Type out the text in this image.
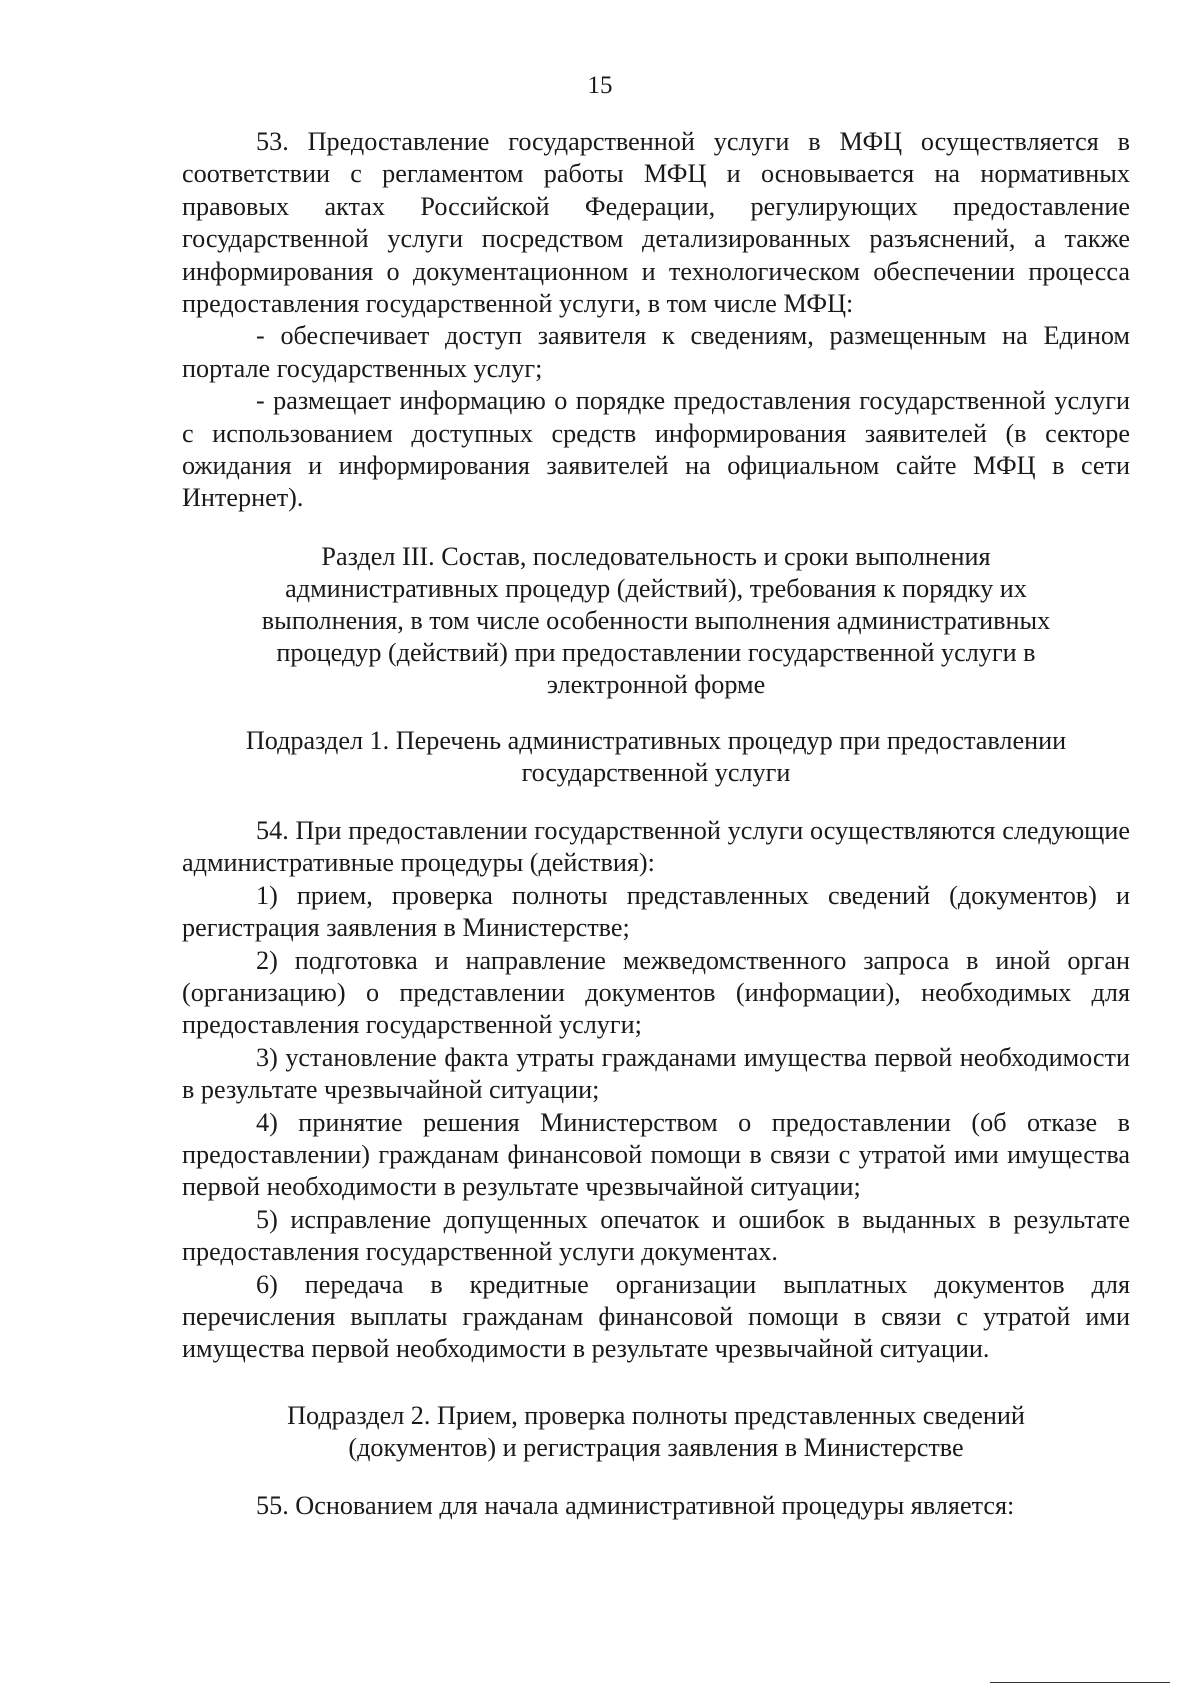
15

53. Предоставление государственной услуги в МФЦ осуществляется в соответствии с регламентом работы МФЦ и основывается на нормативных правовых актах Российской Федерации, регулирующих предоставление государственной услуги посредством детализированных разъяснений, а также информирования о документационном и технологическом обеспечении процесса предоставления государственной услуги, в том числе МФЦ:

- обеспечивает доступ заявителя к сведениям, размещенным на Едином портале государственных услуг;

- размещает информацию о порядке предоставления государственной услуги с использованием доступных средств информирования заявителей (в секторе ожидания и информирования заявителей на официальном сайте МФЦ в сети Интернет).

Раздел III. Состав, последовательность и сроки выполнения административных процедур (действий), требования к порядку их выполнения, в том числе особенности выполнения административных процедур (действий) при предоставлении государственной услуги в электронной форме

Подраздел 1. Перечень административных процедур при предоставлении государственной услуги

54. При предоставлении государственной услуги осуществляются следующие административные процедуры (действия):

1) прием, проверка полноты представленных сведений (документов) и регистрация заявления в Министерстве;

2) подготовка и направление межведомственного запроса в иной орган (организацию) о представлении документов (информации), необходимых для предоставления государственной услуги;

3) установление факта утраты гражданами имущества первой необходимости в результате чрезвычайной ситуации;

4) принятие решения Министерством о предоставлении (об отказе в предоставлении) гражданам финансовой помощи в связи с утратой ими имущества первой необходимости в результате чрезвычайной ситуации;

5) исправление допущенных опечаток и ошибок в выданных в результате предоставления государственной услуги документах.

6) передача в кредитные организации выплатных документов для перечисления выплаты гражданам финансовой помощи в связи с утратой ими имущества первой необходимости в результате чрезвычайной ситуации.

Подраздел 2. Прием, проверка полноты представленных сведений (документов) и регистрация заявления в Министерстве

55. Основанием для начала административной процедуры является:
